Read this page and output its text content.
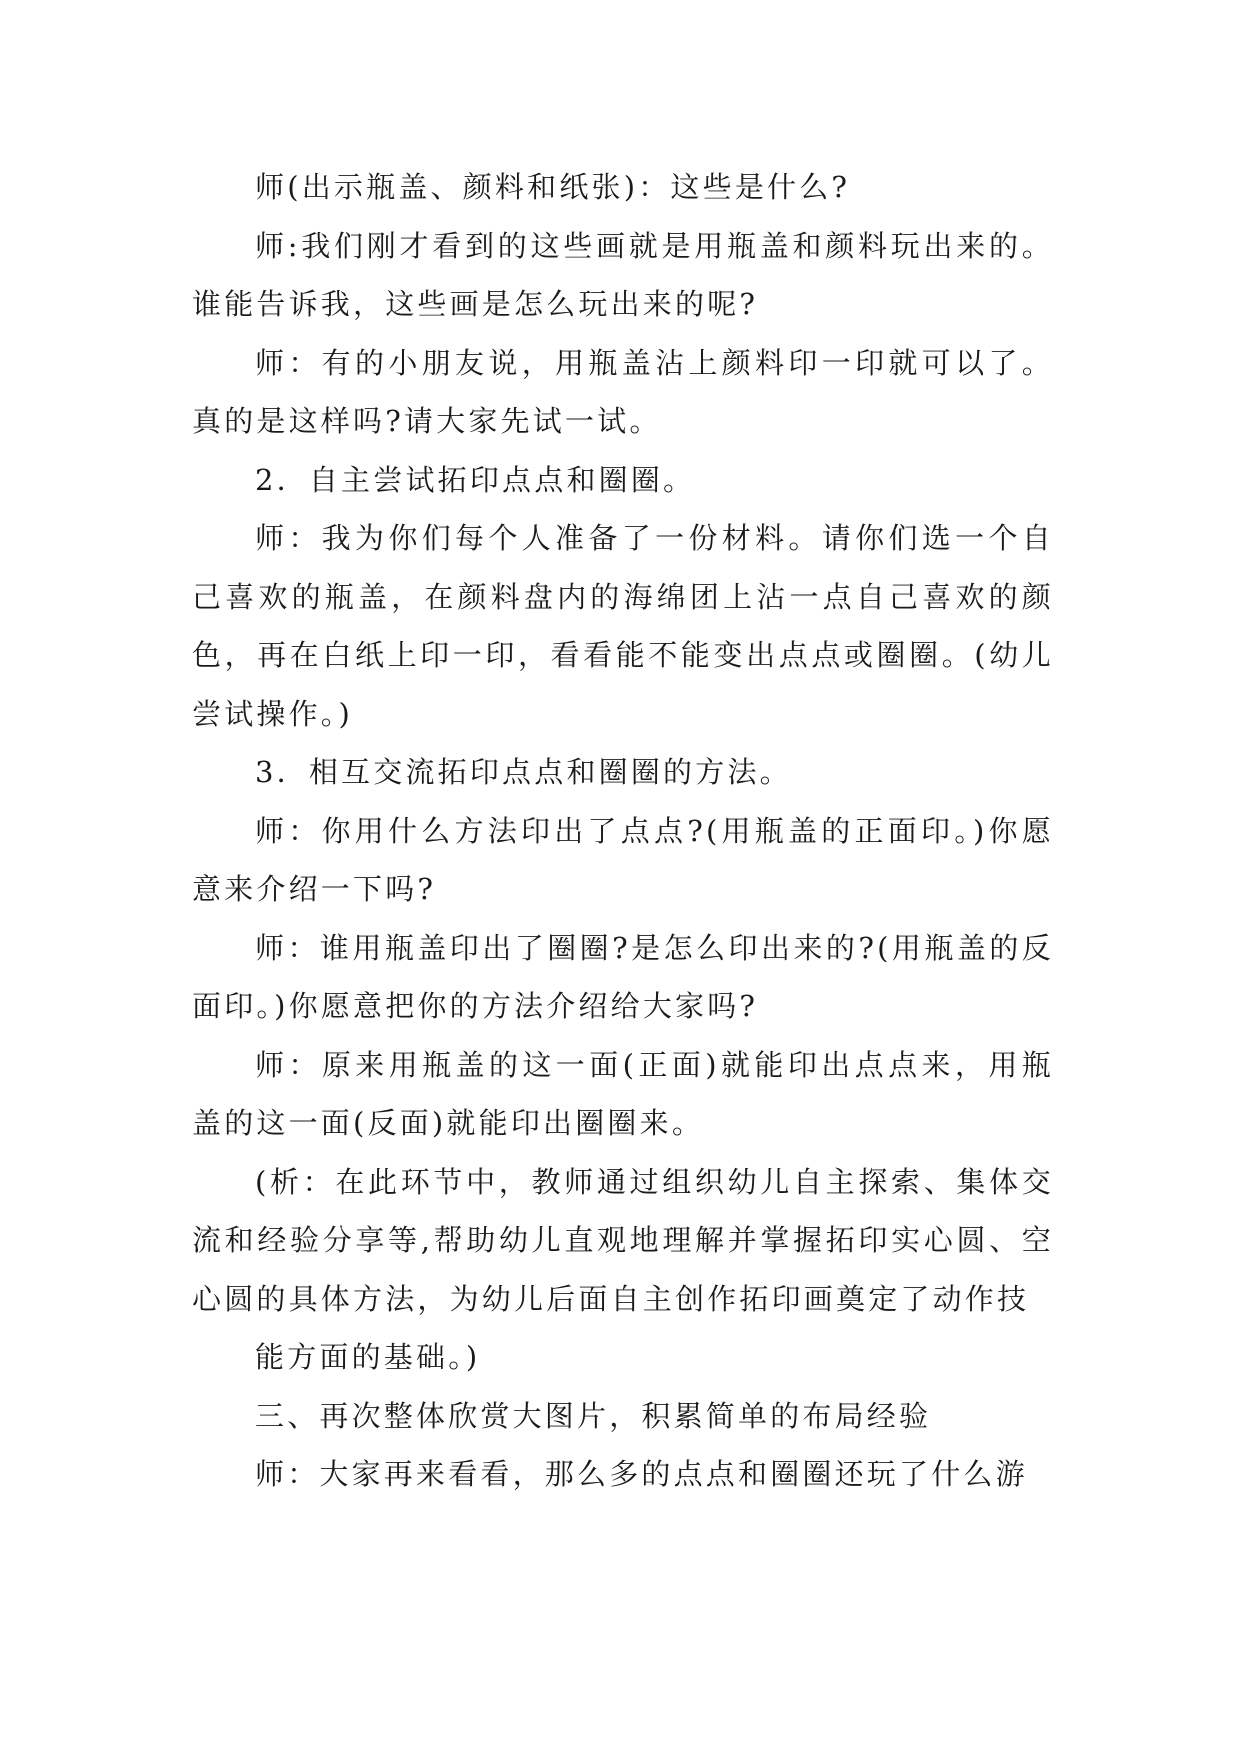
师(出示瓶盖、颜料和纸张)：这些是什么?

师:我们刚才看到的这些画就是用瓶盖和颜料玩出来的。谁能告诉我，这些画是怎么玩出来的呢?

师：有的小朋友说，用瓶盖沾上颜料印一印就可以了。真的是这样吗?请大家先试一试。

2．自主尝试拓印点点和圈圈。

师：我为你们每个人准备了一份材料。请你们选一个自己喜欢的瓶盖，在颜料盘内的海绵团上沾一点自己喜欢的颜色，再在白纸上印一印，看看能不能变出点点或圈圈。(幼儿尝试操作。)

3．相互交流拓印点点和圈圈的方法。

师：你用什么方法印出了点点?(用瓶盖的正面印。)你愿意来介绍一下吗?

师：谁用瓶盖印出了圈圈?是怎么印出来的?(用瓶盖的反面印。)你愿意把你的方法介绍给大家吗?

师：原来用瓶盖的这一面(正面)就能印出点点来，用瓶盖的这一面(反面)就能印出圈圈来。

(析：在此环节中，教师通过组织幼儿自主探索、集体交流和经验分享等,帮助幼儿直观地理解并掌握拓印实心圆、空心圆的具体方法，为幼儿后面自主创作拓印画奠定了动作技

能方面的基础。)

三、再次整体欣赏大图片，积累简单的布局经验

师：大家再来看看，那么多的点点和圈圈还玩了什么游
